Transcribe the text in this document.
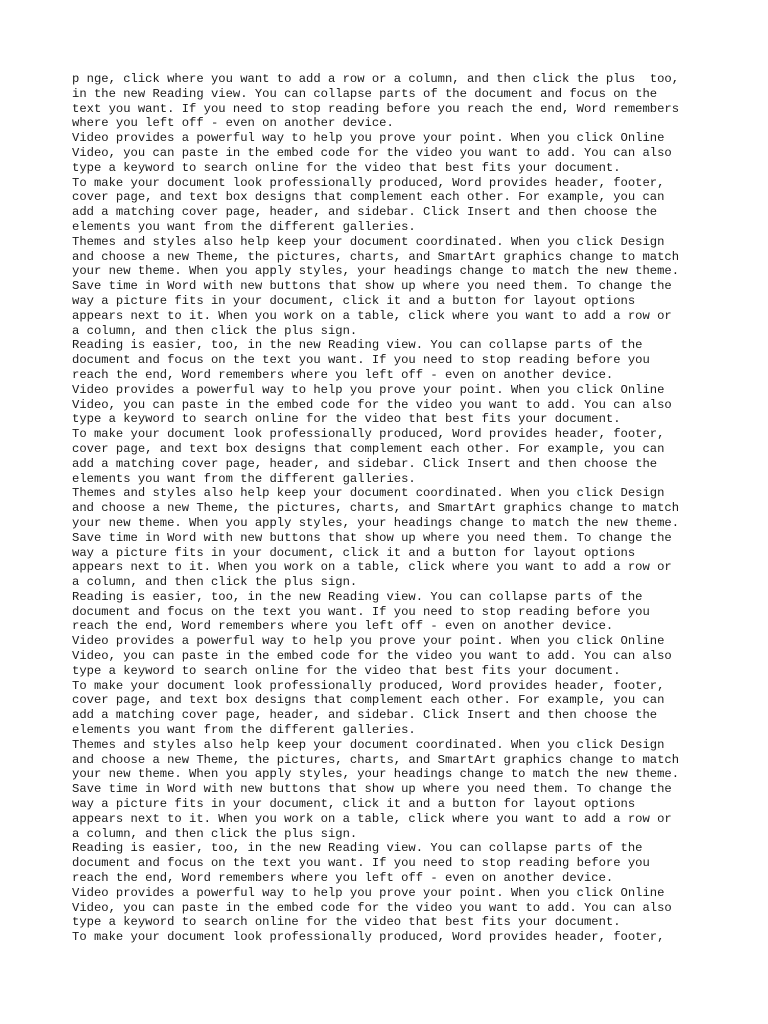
p nge, click where you want to add a row or a column, and then click the plus  too,
in the new Reading view. You can collapse parts of the document and focus on the
text you want. If you need to stop reading before you reach the end, Word remembers
where you left off - even on another device.
Video provides a powerful way to help you prove your point. When you click Online
Video, you can paste in the embed code for the video you want to add. You can also
type a keyword to search online for the video that best fits your document.
To make your document look professionally produced, Word provides header, footer,
cover page, and text box designs that complement each other. For example, you can
add a matching cover page, header, and sidebar. Click Insert and then choose the
elements you want from the different galleries.
Themes and styles also help keep your document coordinated. When you click Design
and choose a new Theme, the pictures, charts, and SmartArt graphics change to match
your new theme. When you apply styles, your headings change to match the new theme.
Save time in Word with new buttons that show up where you need them. To change the
way a picture fits in your document, click it and a button for layout options
appears next to it. When you work on a table, click where you want to add a row or
a column, and then click the plus sign.
Reading is easier, too, in the new Reading view. You can collapse parts of the
document and focus on the text you want. If you need to stop reading before you
reach the end, Word remembers where you left off - even on another device.
Video provides a powerful way to help you prove your point. When you click Online
Video, you can paste in the embed code for the video you want to add. You can also
type a keyword to search online for the video that best fits your document.
To make your document look professionally produced, Word provides header, footer,
cover page, and text box designs that complement each other. For example, you can
add a matching cover page, header, and sidebar. Click Insert and then choose the
elements you want from the different galleries.
Themes and styles also help keep your document coordinated. When you click Design
and choose a new Theme, the pictures, charts, and SmartArt graphics change to match
your new theme. When you apply styles, your headings change to match the new theme.
Save time in Word with new buttons that show up where you need them. To change the
way a picture fits in your document, click it and a button for layout options
appears next to it. When you work on a table, click where you want to add a row or
a column, and then click the plus sign.
Reading is easier, too, in the new Reading view. You can collapse parts of the
document and focus on the text you want. If you need to stop reading before you
reach the end, Word remembers where you left off - even on another device.
Video provides a powerful way to help you prove your point. When you click Online
Video, you can paste in the embed code for the video you want to add. You can also
type a keyword to search online for the video that best fits your document.
To make your document look professionally produced, Word provides header, footer,
cover page, and text box designs that complement each other. For example, you can
add a matching cover page, header, and sidebar. Click Insert and then choose the
elements you want from the different galleries.
Themes and styles also help keep your document coordinated. When you click Design
and choose a new Theme, the pictures, charts, and SmartArt graphics change to match
your new theme. When you apply styles, your headings change to match the new theme.
Save time in Word with new buttons that show up where you need them. To change the
way a picture fits in your document, click it and a button for layout options
appears next to it. When you work on a table, click where you want to add a row or
a column, and then click the plus sign.
Reading is easier, too, in the new Reading view. You can collapse parts of the
document and focus on the text you want. If you need to stop reading before you
reach the end, Word remembers where you left off - even on another device.
Video provides a powerful way to help you prove your point. When you click Online
Video, you can paste in the embed code for the video you want to add. You can also
type a keyword to search online for the video that best fits your document.
To make your document look professionally produced, Word provides header, footer,
